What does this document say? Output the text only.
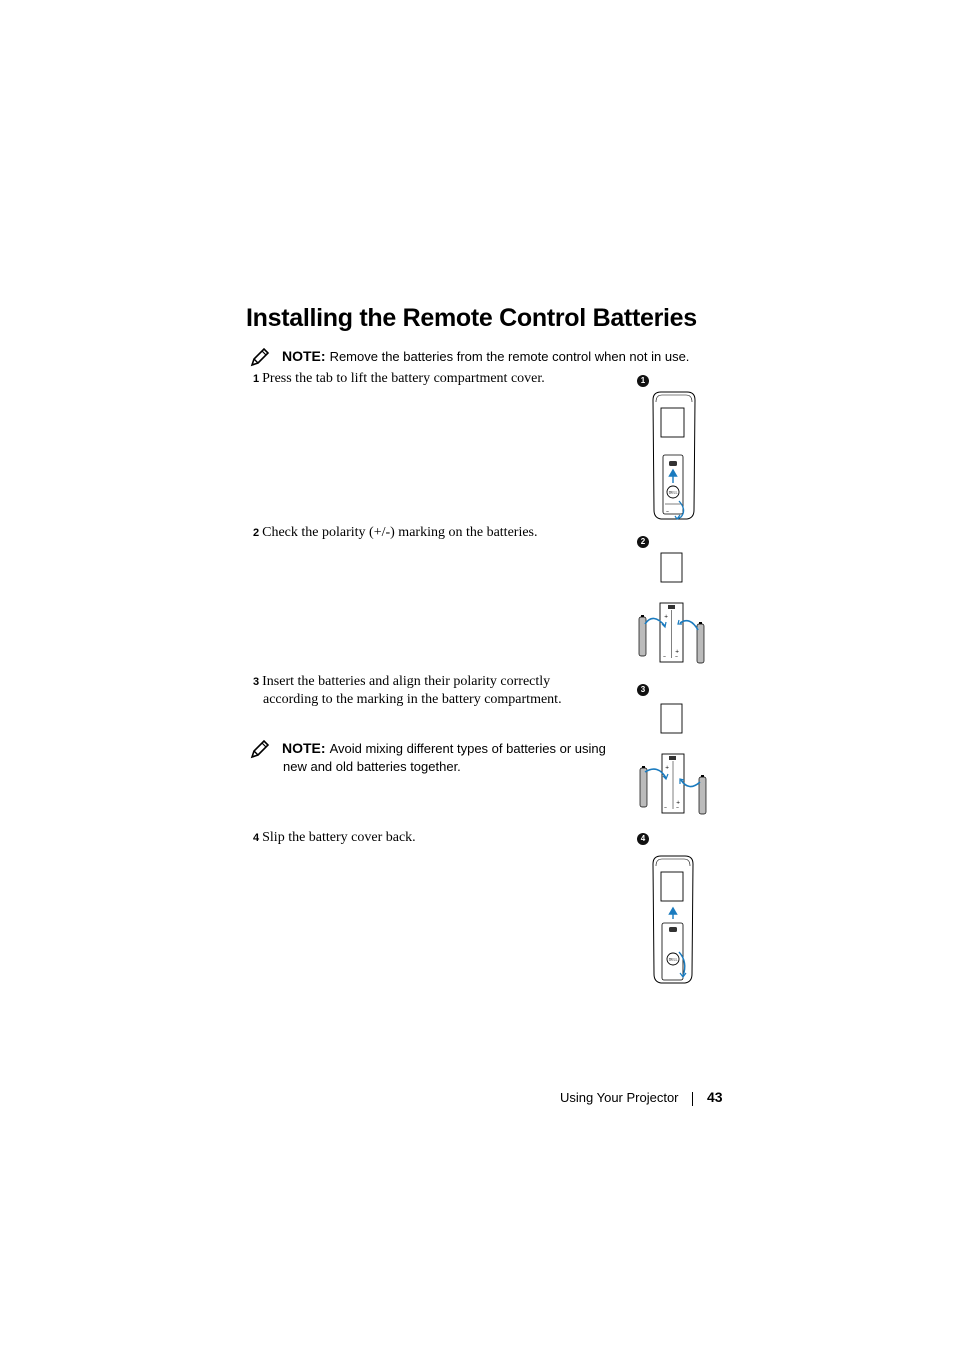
Installing the Remote Control Batteries
NOTE: Remove the batteries from the remote control when not in use.
1 Press the tab to lift the battery compartment cover.	1
DELL
–
2 Check the polarity (+/-) marking on the batteries.
2
+
+
– –
3 Insert the batteries and align their polarity correctly
according to the marking in the battery compartment.
3
+
+
– –
NOTE: Avoid mixing different types of batteries or using
new and old batteries together.
4 Slip the battery cover back.	4
DELL
Using Your Projector 43
